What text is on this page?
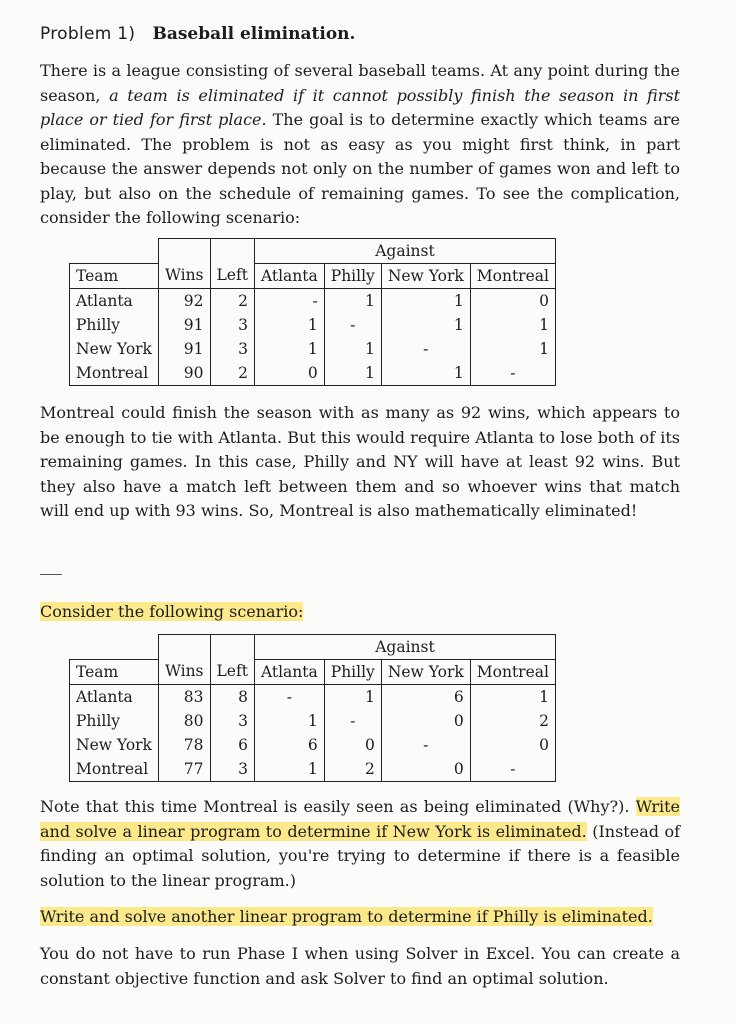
Problem 1) Baseball elimination.
There is a league consisting of several baseball teams. At any point during the season, a team is eliminated if it cannot possibly finish the season in first place or tied for first place. The goal is to determine exactly which teams are eliminated. The problem is not as easy as you might first think, in part because the answer depends not only on the number of games won and left to play, but also on the schedule of remaining games. To see the complication, consider the following scenario:
			Against			
Team	Wins	Left	Atlanta	Philly	New York	Montreal
Atlanta	92	2	-	1	1	0
Philly	91	3	1	-	1	1
New York	91	3	1	1	-	1
Montreal	90	2	0	1	1	-
Montreal could finish the season with as many as 92 wins, which appears to be enough to tie with Atlanta. But this would require Atlanta to lose both of its remaining games. In this case, Philly and NY will have at least 92 wins. But they also have a match left between them and so whoever wins that match will end up with 93 wins. So, Montreal is also mathematically eliminated!
Consider the following scenario:
			Against			
Team	Wins	Left	Atlanta	Philly	New York	Montreal
Atlanta	83	8	-	1	6	1
Philly	80	3	1	-	0	2
New York	78	6	6	0	-	0
Montreal	77	3	1	2	0	-
Note that this time Montreal is easily seen as being eliminated (Why?). Write and solve a linear program to determine if New York is eliminated. (Instead of finding an optimal solution, you're trying to determine if there is a feasible solution to the linear program.)
Write and solve another linear program to determine if Philly is eliminated.
You do not have to run Phase I when using Solver in Excel. You can create a constant objective function and ask Solver to find an optimal solution.
